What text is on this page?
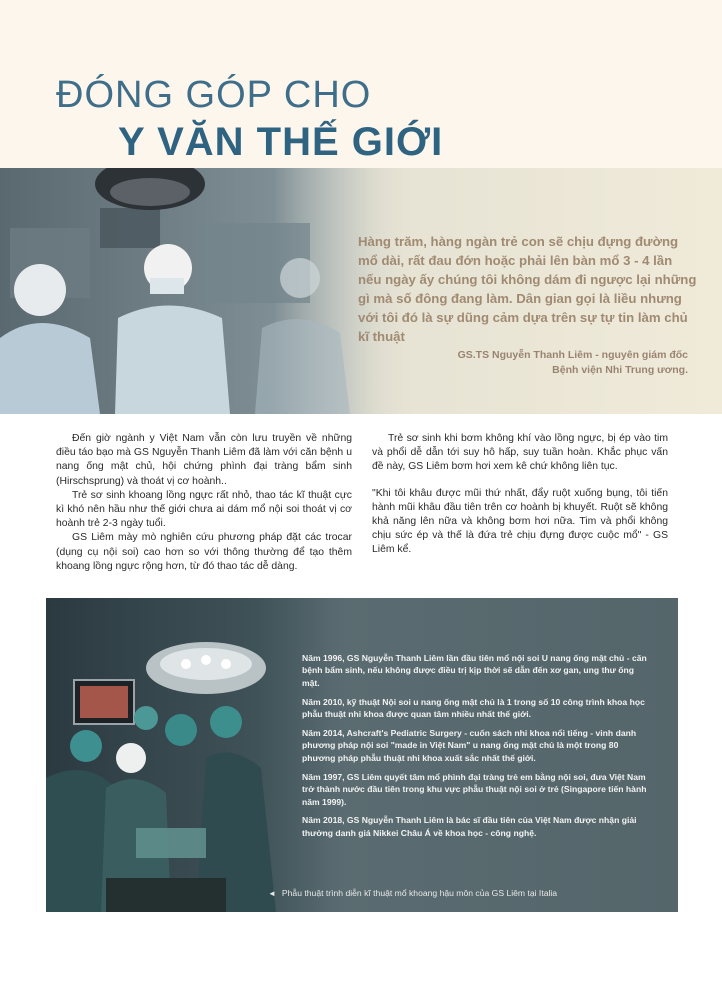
ĐÓNG GÓP CHO
Y VĂN THẾ GIỚI
Hàng trăm, hàng ngàn trẻ con sẽ chịu đựng đường mổ dài, rất đau đớn hoặc phải lên bàn mổ 3 - 4 lần nếu ngày ấy chúng tôi không dám đi ngược lại những gì mà số đông đang làm. Dân gian gọi là liều nhưng với tôi đó là sự dũng cảm dựa trên sự tự tin làm chủ kĩ thuật
GS.TS Nguyễn Thanh Liêm - nguyên giám đốc
Bệnh viện Nhi Trung ương.

Đến giờ ngành y Việt Nam vẫn còn lưu truyền về những điều táo bạo mà GS Nguyễn Thanh Liêm đã làm với căn bệnh u nang ống mật chủ, hội chứng phình đại tràng bẩm sinh (Hirschsprung) và thoát vị cơ hoành..

Trẻ sơ sinh khoang lồng ngực rất nhỏ, thao tác kĩ thuật cực kì khó nên hầu như thế giới chưa ai dám mổ nội soi thoát vị cơ hoành trẻ 2-3 ngày tuổi.

GS Liêm mày mò nghiên cứu phương pháp đặt các trocar (dụng cụ nội soi) cao hơn so với thông thường để tạo thêm khoang lồng ngực rộng hơn, từ đó thao tác dễ dàng.

Trẻ sơ sinh khi bơm không khí vào lồng ngực, bị ép vào tim và phổi dễ dẫn tới suy hô hấp, suy tuần hoàn. Khắc phục vấn đề này, GS Liêm bơm hơi xem kê chứ không liên tục.

"Khi tôi khâu được mũi thứ nhất, đẩy ruột xuống bụng, tôi tiến hành mũi khâu đầu tiên trên cơ hoành bị khuyết. Ruột sẽ không khả năng lên nữa và không bơm hơi nữa. Tim và phổi không chịu sức ép và thế là đứa trẻ chịu đựng được cuộc mổ" - GS Liêm kể.

Năm 1996, GS Nguyễn Thanh Liêm lần đầu tiên mổ nội soi U nang ống mật chủ - căn bệnh bẩm sinh, nếu không được điều trị kịp thời sẽ dẫn đến xơ gan, ung thư ống mật.

Năm 2010, kỹ thuật Nội soi u nang ống mật chủ là 1 trong số 10 công trình khoa học phẫu thuật nhi khoa được quan tâm nhiều nhất thế giới.

Năm 2014, Ashcraft's Pediatric Surgery - cuốn sách nhi khoa nổi tiếng - vinh danh phương pháp nội soi "made in Việt Nam" u nang ống mật chủ là một trong 80 phương pháp phẫu thuật nhi khoa xuất sắc nhất thế giới.

Năm 1997, GS Liêm quyết tâm mổ phình đại tràng trẻ em bằng nội soi, đưa Việt Nam trở thành nước đầu tiên trong khu vực phẫu thuật nội soi ở trẻ (Singapore tiến hành năm 1999).

Năm 2018, GS Nguyễn Thanh Liêm là bác sĩ đầu tiên của Việt Nam được nhận giải thưởng danh giá Nikkei Châu Á về khoa học - công nghệ.

◄ Phẫu thuật trình diễn kĩ thuật mổ khoang hậu môn của GS Liêm tại Italia
